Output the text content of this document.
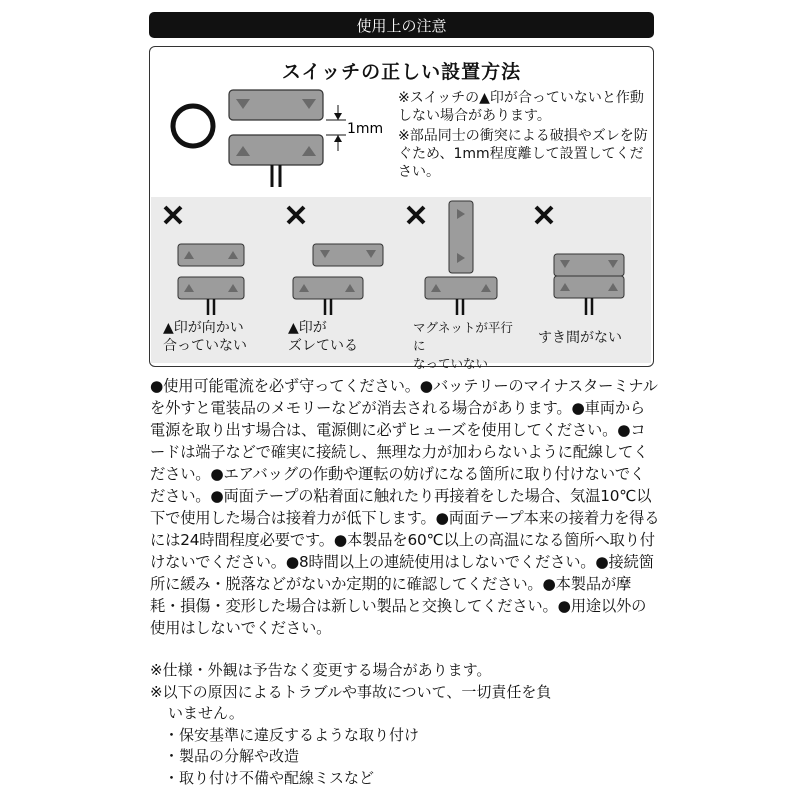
使用上の注意
スイッチの正しい設置方法
1mm
※スイッチの▲印が合っていないと作動しない場合があります。
※部品同士の衝突による破損やズレを防ぐため、1mm程度離して設置してください。
▲印が向かい
合っていない
▲印が
ズレている
マグネットが平行に
なっていない
すき間がない
●使用可能電流を必ず守ってください。●バッテリーのマイナスターミナルを外すと電装品のメモリーなどが消去される場合があります。●車両から電源を取り出す場合は、電源側に必ずヒューズを使用してください。●コードは端子などで確実に接続し、無理な力が加わらないように配線してください。●エアバッグの作動や運転の妨げになる箇所に取り付けないでください。●両面テープの粘着面に触れたり再接着をした場合、気温10℃以下で使用した場合は接着力が低下します。●両面テープ本来の接着力を得るには24時間程度必要です。●本製品を60℃以上の高温になる箇所へ取り付けないでください。●8時間以上の連続使用はしないでください。●接続箇所に緩み・脱落などがないか定期的に確認してください。●本製品が摩耗・損傷・変形した場合は新しい製品と交換してください。●用途以外の使用はしないでください。
※仕様・外観は予告なく変更する場合があります。
※以下の原因によるトラブルや事故について、一切責任を負
いません。
・保安基準に違反するような取り付け
・製品の分解や改造
・取り付け不備や配線ミスなど
